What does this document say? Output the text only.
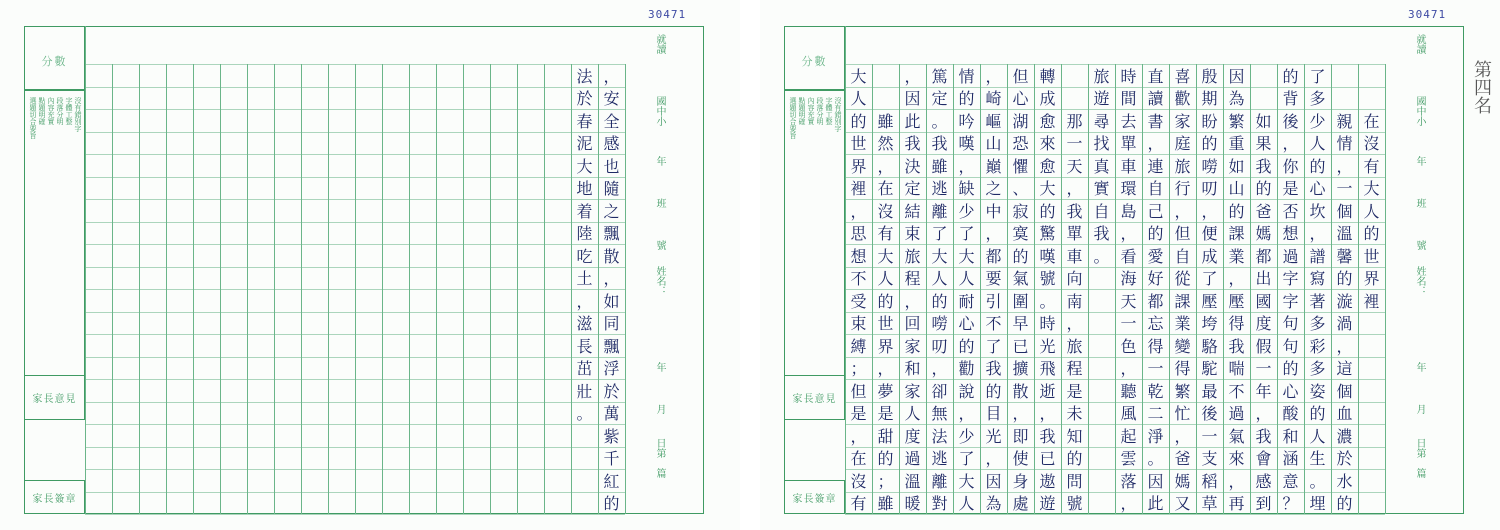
30471
分數
選題切合要旨 點題明確 內容充實 段落分明 字體工整 沒有錯別字
家長意見
家長簽章
就讀
國中小
年
班
號
姓名：
年
月
日第
篇
，
安
全
感
也
隨
之
飄
散
，
如
同
飄
浮
於
萬
紫
千
紅
的
法
於
春
泥
大
地
着
陸
吃
土
，
滋
長
茁
壯
。
30471
分數
選題切合要旨 點題明確 內容充實 段落分明 字體工整 沒有錯別字
家長意見
家長簽章
就讀
國中小
年
班
號
姓名：
年
月
日第
篇

在
沒
有
大
人
的
世
界
裡

親
情
，
一
個
溫
馨
的
漩
渦
，
這
個
血
濃
於
水
的
了
多
少
人
的
心
坎
，
譜
寫
著
多
彩
多
姿
的
人
生
。
埋
的
背
後
，
你
是
否
想
過
字
字
句
句
的
心
酸
和
涵
意
？

如
果
我
的
爸
媽
都
出
國
度
假
一
年
，
我
會
感
到
因
為
繁
重
如
山
的
課
業
，
壓
得
我
喘
不
過
氣
來
，
再
殷
期
盼
的
嘮
叨
，
便
成
了
壓
垮
駱
駝
最
後
一
支
稻
草
喜
歡
家
庭
旅
行
，
但
自
從
課
業
變
得
繁
忙
，
爸
媽
又
直
讀
書
，
連
自
己
的
愛
好
都
忘
得
一
乾
二
淨
。
因
此
時
間
去
單
車
環
島
，
看
海
天
一
色
，
聽
風
起
雲
落
，
旅
遊
尋
找
真
實
自
我
。

那
一
天
，
我
單
車
向
南
，
旅
程
是
未
知
的
問
號
轉
成
愈
來
愈
大
的
驚
嘆
號
。
時
光
飛
逝
，
我
已
遨
遊
但
心
湖
恐
懼
、
寂
寞
的
氣
圍
早
已
擴
散
，
即
使
身
處
，
崎
嶇
山
巔
之
中
，
都
要
引
不
了
我
的
目
光
，
因
為
情
的
吟
嘆
，
缺
少
了
大
人
耐
心
的
勸
說
，
少
了
大
人
篤
定
。
我
雖
逃
離
了
大
人
的
嘮
叨
，
卻
無
法
逃
離
對
，
因
此
我
決
定
結
束
旅
程
，
回
家
和
家
人
度
過
溫
暖

雖
然
，
在
沒
有
大
人
的
世
界
，
夢
是
甜
的
；
雖
大
人
的
世
界
裡
，
思
想
不
受
束
縛
；
但
是
，
在
沒
有
第四名
